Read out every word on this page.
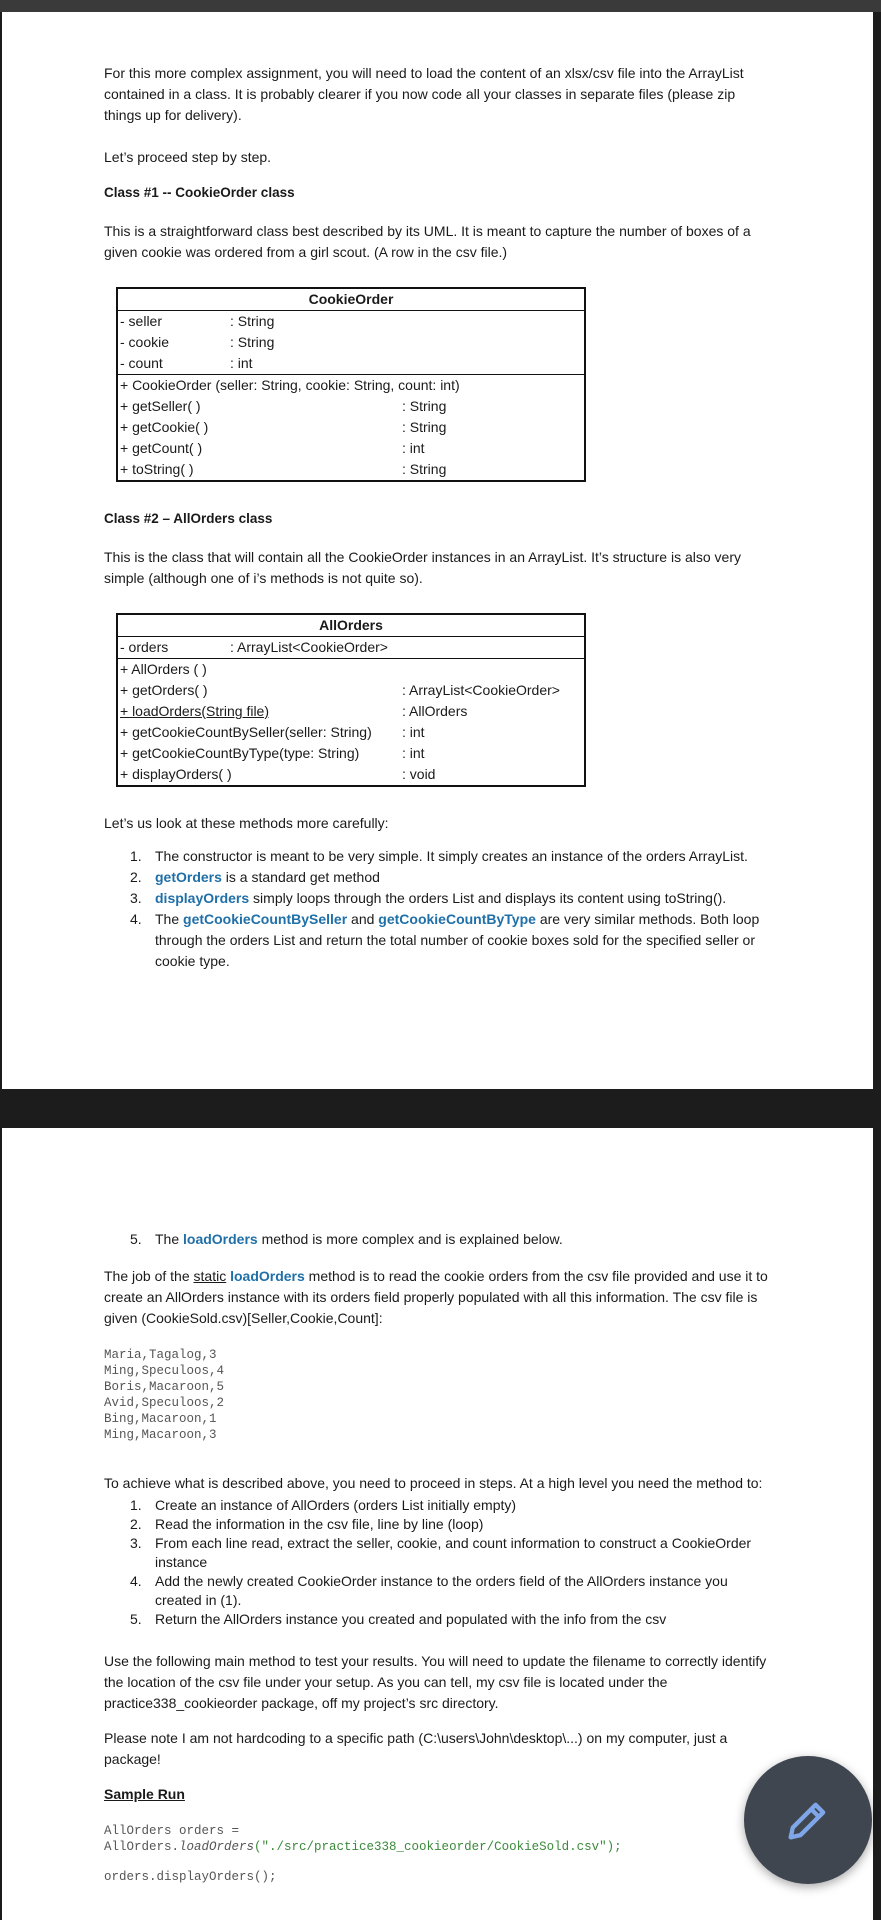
For this more complex assignment, you will need to load the content of an xlsx/csv file into the ArrayList contained in a class. It is probably clearer if you now code all your classes in separate files (please zip things up for delivery).

Let’s proceed step by step.

Class #1 -- CookieOrder class

This is a straightforward class best described by its UML. It is meant to capture the number of boxes of a given cookie was ordered from a girl scout. (A row in the csv file.)

CookieOrder
- seller	: String
- cookie	: String
- count	: int
+ CookieOrder (seller: String, cookie: String, count: int)
+ getSeller( )	: String
+ getCookie( )	: String
+ getCount( )	: int
+ toString( )	: String

Class #2 – AllOrders class

This is the class that will contain all the CookieOrder instances in an ArrayList. It’s structure is also very simple (although one of i’s methods is not quite so).

AllOrders
- orders	: ArrayList<CookieOrder>
+ AllOrders ( )
+ getOrders( )	: ArrayList<CookieOrder>
+ loadOrders(String file)	: AllOrders
+ getCookieCountBySeller(seller: String) : int
+ getCookieCountByType(type: String)	: int
+ displayOrders( )	: void

Let’s us look at these methods more carefully:

1. The constructor is meant to be very simple. It simply creates an instance of the orders ArrayList.
2. getOrders is a standard get method
3. displayOrders simply loops through the orders List and displays its content using toString().
4. The getCookieCountBySeller and getCookieCountByType are very similar methods. Both loop through the orders List and return the total number of cookie boxes sold for the specified seller or cookie type.
5. The loadOrders method is more complex and is explained below.

The job of the static loadOrders method is to read the cookie orders from the csv file provided and use it to create an AllOrders instance with its orders field properly populated with all this information. The csv file is given (CookieSold.csv)[Seller,Cookie,Count]:

Maria,Tagalog,3
Ming,Speculoos,4
Boris,Macaroon,5
Avid,Speculoos,2
Bing,Macaroon,1
Ming,Macaroon,3

To achieve what is described above, you need to proceed in steps. At a high level you need the method to:

1. Create an instance of AllOrders (orders List initially empty)
2. Read the information in the csv file, line by line (loop)
3. From each line read, extract the seller, cookie, and count information to construct a CookieOrder instance
4. Add the newly created CookieOrder instance to the orders field of the AllOrders instance you created in (1).
5. Return the AllOrders instance you created and populated with the info from the csv

Use the following main method to test your results. You will need to update the filename to correctly identify the location of the csv file under your setup. As you can tell, my csv file is located under the practice338_cookieorder package, off my project’s src directory.

Please note I am not hardcoding to a specific path (C:\users\John\desktop\...) on my computer, just a package!

Sample Run

AllOrders orders =
AllOrders.loadOrders("./src/practice338_cookieorder/CookieSold.csv");
orders.displayOrders();
